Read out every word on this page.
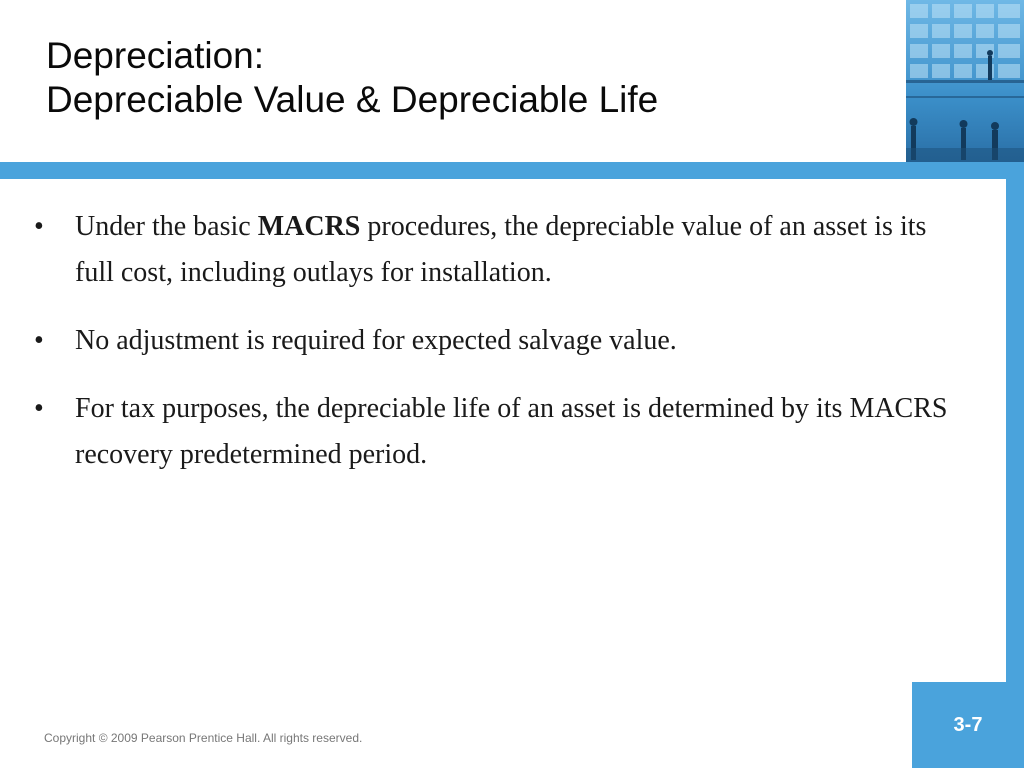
Depreciation:
Depreciable Value & Depreciable Life
• Under the basic MACRS procedures, the depreciable value of an asset is its full cost, including outlays for installation.
• No adjustment is required for expected salvage value.
• For tax purposes, the depreciable life of an asset is determined by its MACRS recovery predetermined period.
Copyright © 2009 Pearson Prentice Hall. All rights reserved.
3-7
